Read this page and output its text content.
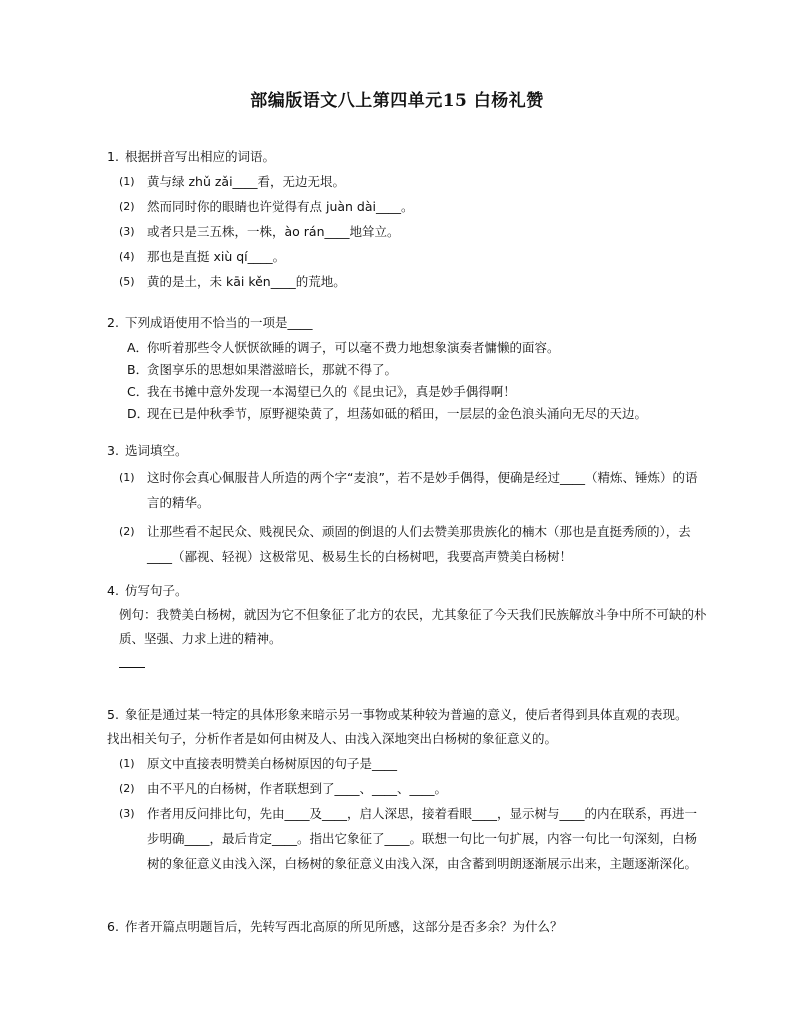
部编版语文八上第四单元15 白杨礼赞
1. 根据拼音写出相应的词语。
(1) 黄与绿 zhǔ zǎi____看，无边无垠。
(2) 然而同时你的眼睛也许觉得有点 juàn dài____。
(3) 或者只是三五株，一株，ào rán____地耸立。
(4) 那也是直挺 xiù qí____。
(5) 黄的是土，未 kāi kěn____的荒地。
2. 下列成语使用不恰当的一项是____
A．
你听着那些令人恹恹欲睡的调子，可以毫不费力地想象演奏者慵懒的面容。
B．
贪图享乐的思想如果潜滋暗长，那就不得了。
C．
我在书摊中意外发现一本渴望已久的《昆虫记》，真是妙手偶得啊！
D．
现在已是仲秋季节，原野褪染黄了，坦荡如砥的稻田，一层层的金色浪头涌向无尽的天边。
3. 选词填空。
(1) 这时你会真心佩服昔人所造的两个字“麦浪”，若不是妙手偶得，便确是经过____（精炼、锤炼）的语言的精华。
(2) 让那些看不起民众、贱视民众、顽固的倒退的人们去赞美那贵族化的楠木（那也是直挺秀颀的），去____（鄙视、轻视）这极常见、极易生长的白杨树吧，我要高声赞美白杨树！
4. 仿写句子。
例句：我赞美白杨树，就因为它不但象征了北方的农民，尤其象征了今天我们民族解放斗争中所不可缺的朴质、坚强、力求上进的精神。
5. 象征是通过某一特定的具体形象来暗示另一事物或某种较为普遍的意义，使后者得到具体直观的表现。找出相关句子，分析作者是如何由树及人、由浅入深地突出白杨树的象征意义的。
(1) 原文中直接表明赞美白杨树原因的句子是____
(2) 由不平凡的白杨树，作者联想到了____、____、____。
(3) 作者用反问排比句，先由____及____，启人深思，接着看眼____，显示树与____的内在联系，再进一步明确____，最后肯定____。指出它象征了____。联想一句比一句扩展，内容一句比一句深刻，白杨树的象征意义由浅入深，白杨树的象征意义由浅入深，由含蓄到明朗逐渐展示出来，主题逐渐深化。
6. 作者开篇点明题旨后，先转写西北高原的所见所感，这部分是否多余？为什么？
